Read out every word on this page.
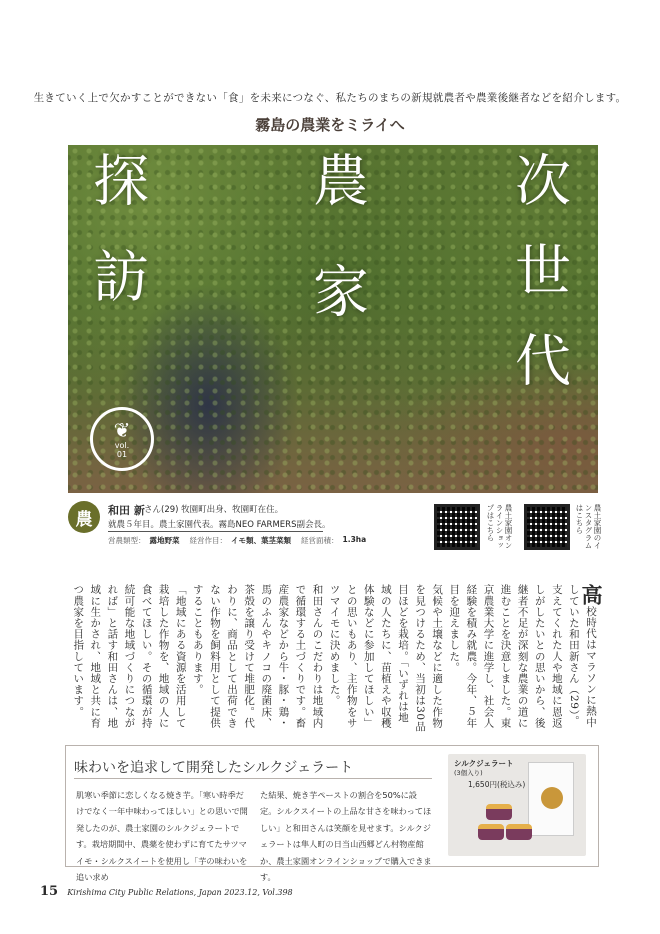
生きていく上で欠かすことができない「食」を未来につなぐ、私たちのまちの新規就農者や農業後継者などを紹介します。
霧島の農業をミライへ
探訪	農家 次世代
❦
vol.
01
農	和田 新 さん(29) 牧園町出身、牧園町在住。
就農５年目。農土家園代表。霧島NEO FARMERS副会長。
営農類型： 露地野菜 経営作目： イモ類、葉茎菜類 経営面積： 1.3ha	農土家園オンラインショップはこちら	農土家園のインスタグラムはこちら

高校時代はマラソンに熱中していた和田新さん（29）。支えてくれた人や地域に恩返しがしたいとの思いから、後継者不足が深刻な農業の道に進むことを決意しました。東京農業大学に進学し、社会人経験を積み就農。今年、５年目を迎えました。

気候や土壌などに適した作物を見つけるため、当初は30品目ほどを栽培。「いずれは地域の人たちに、苗植えや収穫体験などに参加してほしい」との思いもあり、主作物をサツマイモに決めました。

和田さんのこだわりは地域内で循環する土づくりです。畜産農家などから牛・豚・鶏・馬のふんやキノコの廃菌床、茶殻を譲り受けて堆肥化。代わりに、商品として出荷できない作物を飼料用として提供することもあります。

「地域にある資源を活用して栽培した作物を、地域の人に食べてほしい。その循環が持続可能な地域づくりにつながれば」と話す和田さんは、地域に生かされ、地域と共に育つ農家を目指しています。

味わいを追求して開発したシルクジェラート
肌寒い季節に恋しくなる焼き芋。「寒い時季だけでなく一年中味わってほしい」との思いで開発したのが、農土家園のシルクジェラートです。栽培期間中、農薬を使わずに育てたサツマイモ・シルクスイートを使用し「芋の味わいを追い求め
た結果、焼き芋ペーストの割合を50%に設定。シルクスイートの上品な甘さを味わってほしい」と和田さんは笑顔を見せます。シルクジェラートは隼人町の日当山西郷どん村物産館か、農土家園オンラインショップで購入できます。
シルクジェラート
(3個入り)
1,650円(税込み)
15 Kirishima City Public Relations, Japan 2023.12, Vol.398
